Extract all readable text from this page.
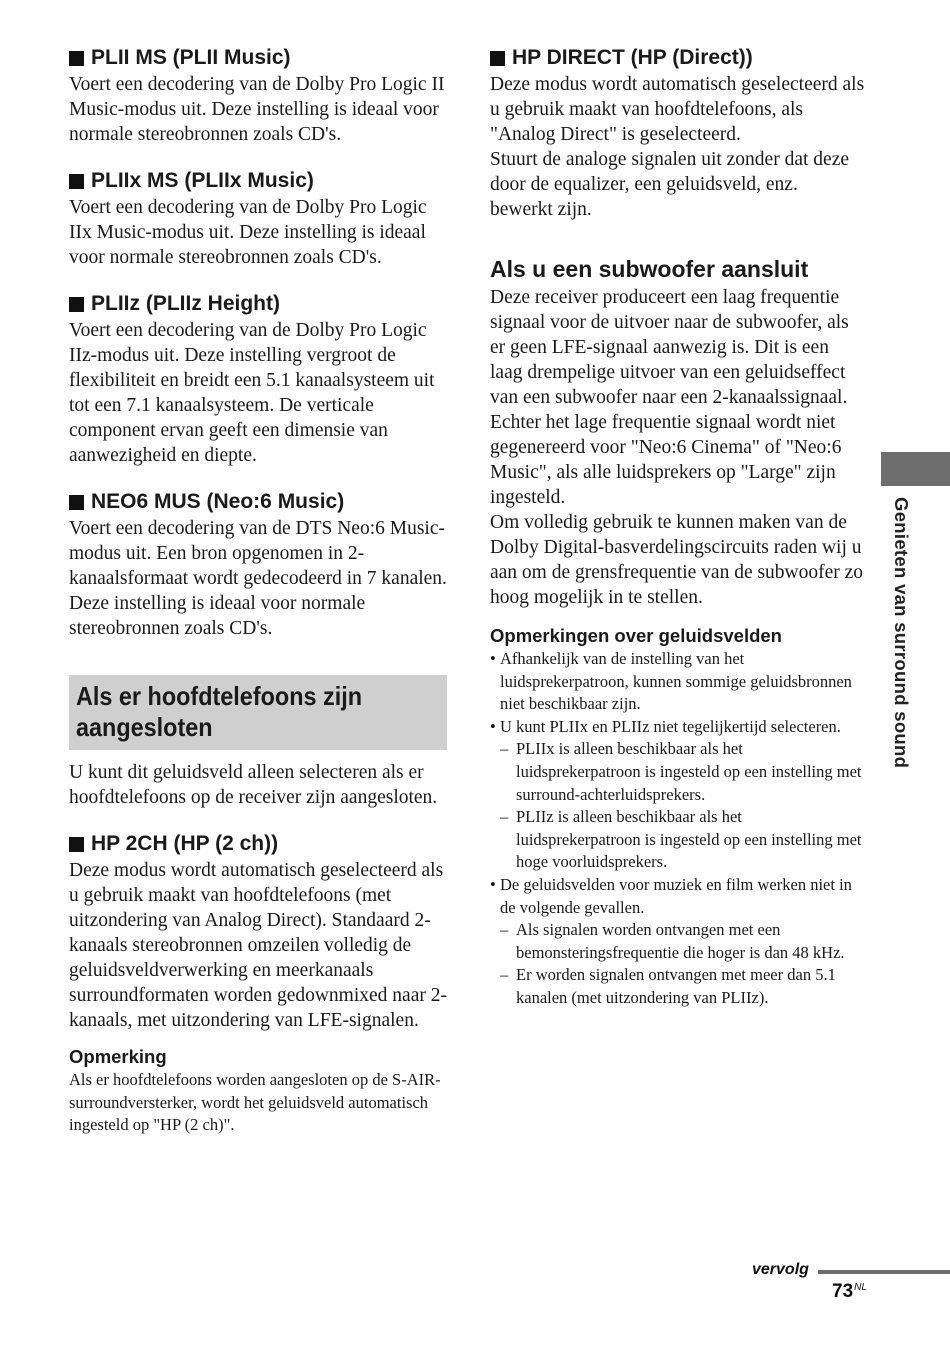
PLII MS (PLII Music)

Voert een decodering van de Dolby Pro Logic II Music-modus uit. Deze instelling is ideaal voor normale stereobronnen zoals CD's.

PLIIx MS (PLIIx Music)

Voert een decodering van de Dolby Pro Logic IIx Music-modus uit. Deze instelling is ideaal voor normale stereobronnen zoals CD's.

PLIIz (PLIIz Height)

Voert een decodering van de Dolby Pro Logic IIz-modus uit. Deze instelling vergroot de flexibiliteit en breidt een 5.1 kanaalsysteem uit tot een 7.1 kanaalsysteem. De verticale component ervan geeft een dimensie van aanwezigheid en diepte.

NEO6 MUS (Neo:6 Music)

Voert een decodering van de DTS Neo:6 Music-modus uit. Een bron opgenomen in 2-kanaalsformaat wordt gedecodeerd in 7 kanalen. Deze instelling is ideaal voor normale stereobronnen zoals CD's.

Als er hoofdtelefoons zijn aangesloten

U kunt dit geluidsveld alleen selecteren als er hoofdtelefoons op de receiver zijn aangesloten.

HP 2CH (HP (2 ch))

Deze modus wordt automatisch geselecteerd als u gebruik maakt van hoofdtelefoons (met uitzondering van Analog Direct). Standaard 2-kanaals stereobronnen omzeilen volledig de geluidsveldverwerking en meerkanaals surroundformaten worden gedownmixed naar 2-kanaals, met uitzondering van LFE-signalen.

Opmerking

Als er hoofdtelefoons worden aangesloten op de S-AIR-surroundversterker, wordt het geluidsveld automatisch ingesteld op "HP (2 ch)".

HP DIRECT (HP (Direct))

Deze modus wordt automatisch geselecteerd als u gebruik maakt van hoofdtelefoons, als "Analog Direct" is geselecteerd.

Stuurt de analoge signalen uit zonder dat deze door de equalizer, een geluidsveld, enz. bewerkt zijn.

Als u een subwoofer aansluit

Deze receiver produceert een laag frequentie signaal voor de uitvoer naar de subwoofer, als er geen LFE-signaal aanwezig is. Dit is een laag drempelige uitvoer van een geluidseffect van een subwoofer naar een 2-kanaalssignaal. Echter het lage frequentie signaal wordt niet gegenereerd voor "Neo:6 Cinema" of "Neo:6 Music", als alle luidsprekers op "Large" zijn ingesteld.

Om volledig gebruik te kunnen maken van de Dolby Digital-basverdelingscircuits raden wij u aan om de grensfrequentie van de subwoofer zo hoog mogelijk in te stellen.

Opmerkingen over geluidsvelden
• Afhankelijk van de instelling van het luidsprekerpatroon, kunnen sommige geluidsbronnen niet beschikbaar zijn.
• U kunt PLIIx en PLIIz niet tegelijkertijd selecteren.
– PLIIx is alleen beschikbaar als het luidsprekerpatroon is ingesteld op een instelling met surround-achterluidsprekers.
– PLIIz is alleen beschikbaar als het luidsprekerpatroon is ingesteld op een instelling met hoge voorluidsprekers.
• De geluidsvelden voor muziek en film werken niet in de volgende gevallen.
– Als signalen worden ontvangen met een bemonsteringsfrequentie die hoger is dan 48 kHz.
– Er worden signalen ontvangen met meer dan 5.1 kanalen (met uitzondering van PLIIz).
Genieten van surround sound
vervolg
$73^{NL}$
